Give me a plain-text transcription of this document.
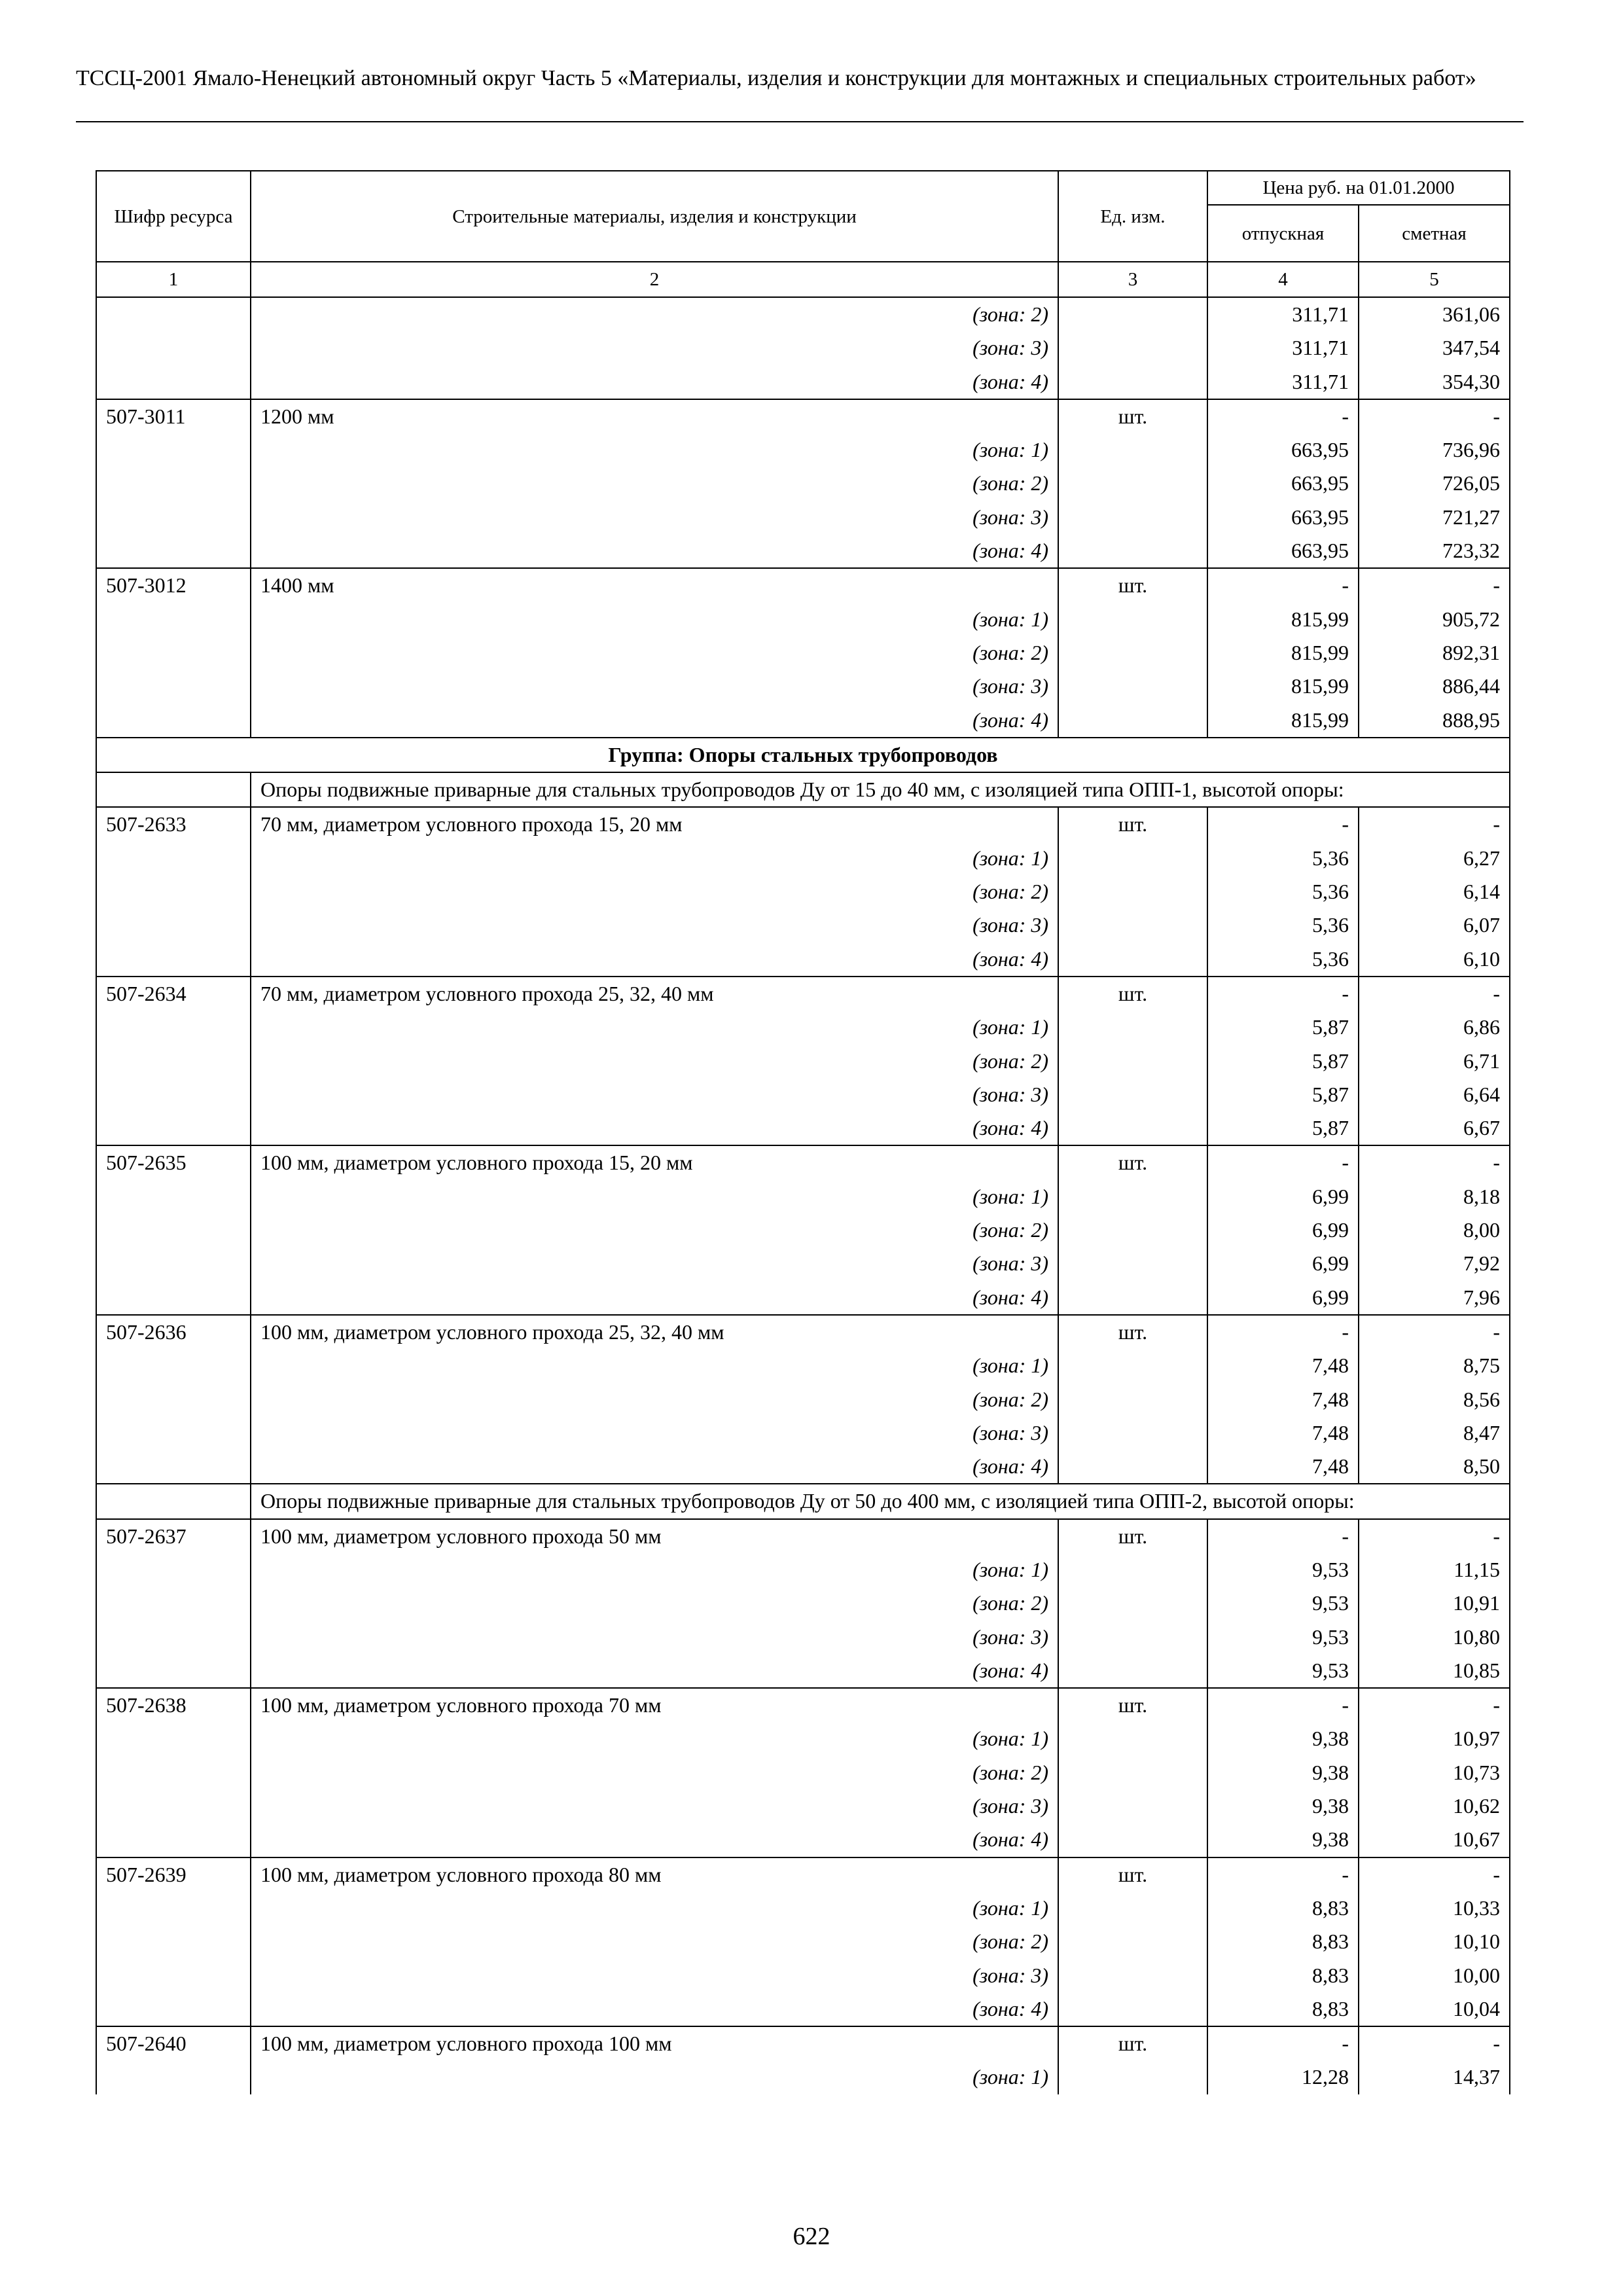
ТССЦ-2001 Ямало-Ненецкий автономный округ Часть 5 «Материалы, изделия и конструкции для монтажных и специальных строительных работ»
Шифр ресурса	Строительные материалы, изделия и конструкции	Ед. изм.	Цена руб. на 01.01.2000	
			отпускная	сметная
1	2	3	4	5
	(зона: 2)		311,71	361,06
	(зона: 3)		311,71	347,54
	(зона: 4)		311,71	354,30
507-3011	1200 мм	шт.	-	-
	(зона: 1)		663,95	736,96
	(зона: 2)		663,95	726,05
	(зона: 3)		663,95	721,27
	(зона: 4)		663,95	723,32
507-3012	1400 мм	шт.	-	-
	(зона: 1)		815,99	905,72
	(зона: 2)		815,99	892,31
	(зона: 3)		815,99	886,44
	(зона: 4)		815,99	888,95
Группа: Опоры стальных трубопроводов				
	Опоры подвижные приварные для стальных трубопроводов Ду от 15 до 40 мм, с изоляцией типа ОПП-1, высотой опоры:			
507-2633	70 мм, диаметром условного прохода 15, 20 мм	шт.	-	-
	(зона: 1)		5,36	6,27
	(зона: 2)		5,36	6,14
	(зона: 3)		5,36	6,07
	(зона: 4)		5,36	6,10
507-2634	70 мм, диаметром условного прохода 25, 32, 40 мм	шт.	-	-
	(зона: 1)		5,87	6,86
	(зона: 2)		5,87	6,71
	(зона: 3)		5,87	6,64
	(зона: 4)		5,87	6,67
507-2635	100 мм, диаметром условного прохода 15, 20 мм	шт.	-	-
	(зона: 1)		6,99	8,18
	(зона: 2)		6,99	8,00
	(зона: 3)		6,99	7,92
	(зона: 4)		6,99	7,96
507-2636	100 мм, диаметром условного прохода 25, 32, 40 мм	шт.	-	-
	(зона: 1)		7,48	8,75
	(зона: 2)		7,48	8,56
	(зона: 3)		7,48	8,47
	(зона: 4)		7,48	8,50
	Опоры подвижные приварные для стальных трубопроводов Ду от 50 до 400 мм, с изоляцией типа ОПП-2, высотой опоры:			
507-2637	100 мм, диаметром условного прохода 50 мм	шт.	-	-
	(зона: 1)		9,53	11,15
	(зона: 2)		9,53	10,91
	(зона: 3)		9,53	10,80
	(зона: 4)		9,53	10,85
507-2638	100 мм, диаметром условного прохода 70 мм	шт.	-	-
	(зона: 1)		9,38	10,97
	(зона: 2)		9,38	10,73
	(зона: 3)		9,38	10,62
	(зона: 4)		9,38	10,67
507-2639	100 мм, диаметром условного прохода 80 мм	шт.	-	-
	(зона: 1)		8,83	10,33
	(зона: 2)		8,83	10,10
	(зона: 3)		8,83	10,00
	(зона: 4)		8,83	10,04
507-2640	100 мм, диаметром условного прохода 100 мм	шт.	-	-
	(зона: 1)		12,28	14,37
622
